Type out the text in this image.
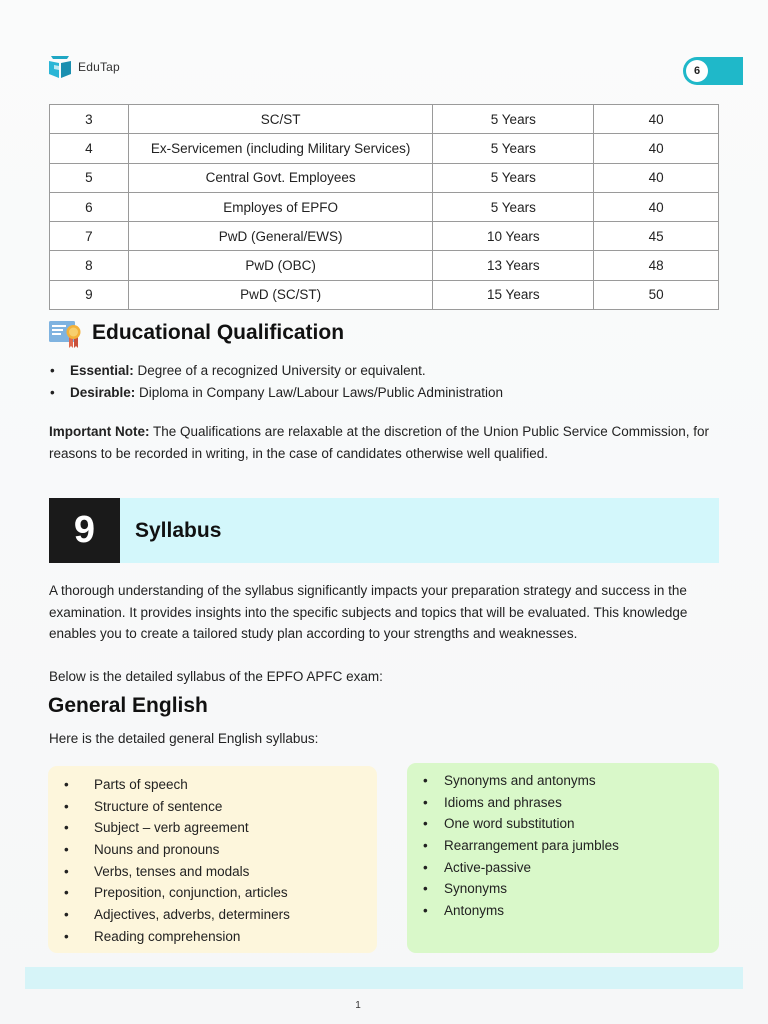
EduTap	6
3	SC/ST	5 Years	40
4	Ex-Servicemen (including Military Services)	5 Years	40
5	Central Govt. Employees	5 Years	40
6	Employes of EPFO	5 Years	40
7	PwD (General/EWS)	10 Years	45
8	PwD (OBC)	13 Years	48
9	PwD (SC/ST)	15 Years	50
Educational Qualification
• Essential: Degree of a recognized University or equivalent.
• Desirable: Diploma in Company Law/Labour Laws/Public Administration
Important Note: The Qualifications are relaxable at the discretion of the Union Public Service Commission, for reasons to be recorded in writing, in the case of candidates otherwise well qualified.
9	Syllabus

A thorough understanding of the syllabus significantly impacts your preparation strategy and success in the examination. It provides insights into the specific subjects and topics that will be evaluated. This knowledge enables you to create a tailored study plan according to your strengths and weaknesses.

Below is the detailed syllabus of the EPFO APFC exam:

General English

Here is the detailed general English syllabus:

• Parts of speech
• Structure of sentence
• Subject – verb agreement
• Nouns and pronouns
• Verbs, tenses and modals
• Preposition, conjunction, articles
• Adjectives, adverbs, determiners
• Reading comprehension
• Synonyms and antonyms
• Idioms and phrases
• One word substitution
• Rearrangement para jumbles
• Active-passive
• Synonyms
• Antonyms
1
